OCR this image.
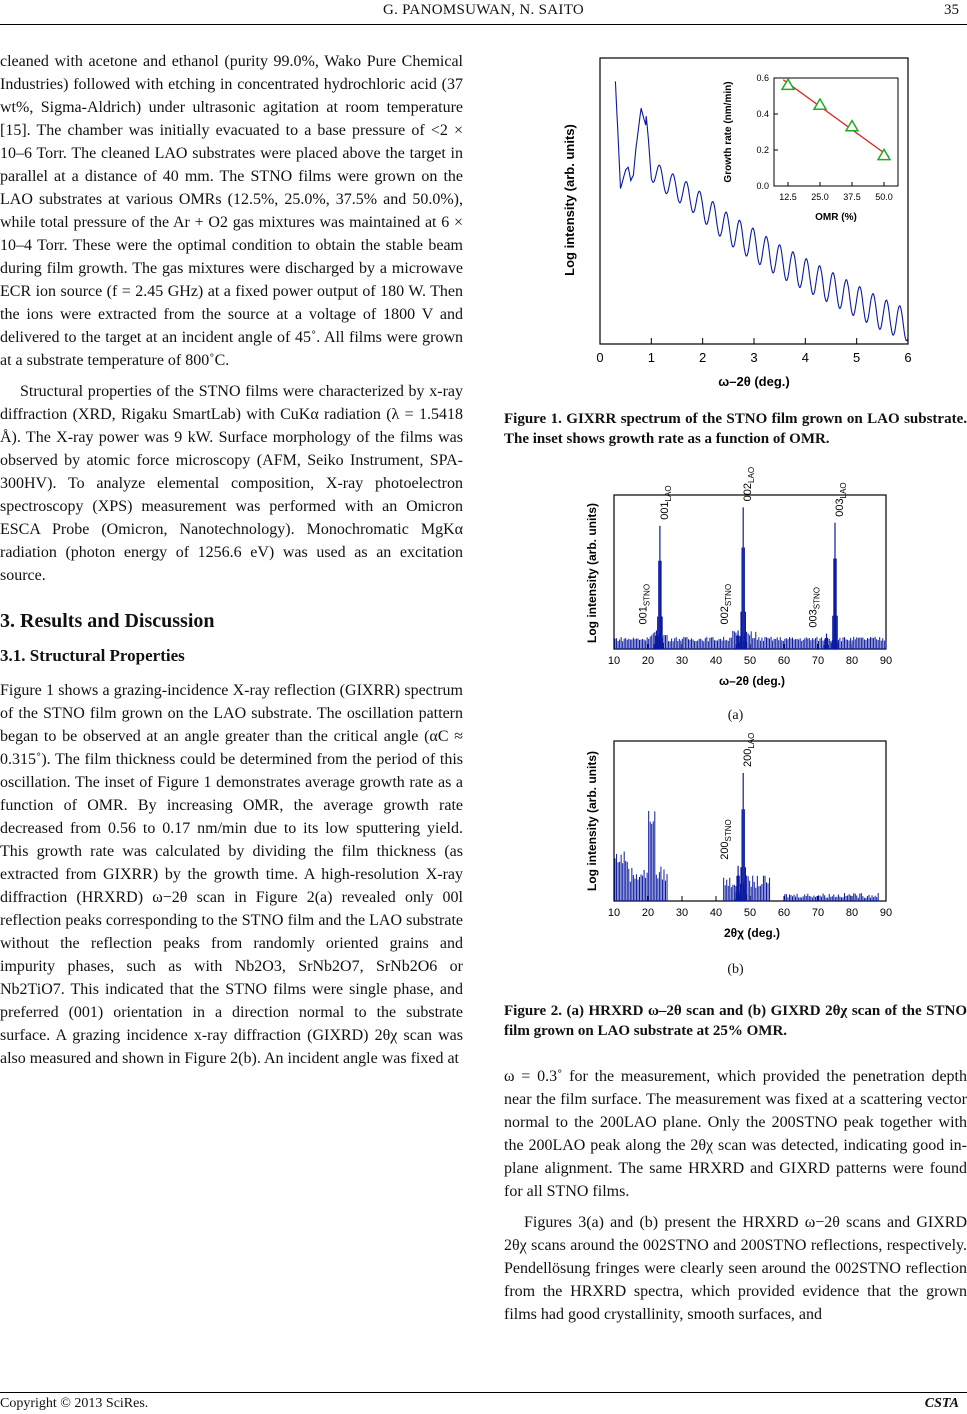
G. PANOMSUWAN, N. SAITO	35

cleaned with acetone and ethanol (purity 99.0%, Wako Pure Chemical Industries) followed with etching in concentrated hydrochloric acid (37 wt%, Sigma-Aldrich) under ultrasonic agitation at room temperature [15]. The chamber was initially evacuated to a base pressure of <2 × 10–6 Torr. The cleaned LAO substrates were placed above the target in parallel at a distance of 40 mm. The STNO films were grown on the LAO substrates at various OMRs (12.5%, 25.0%, 37.5% and 50.0%), while total pressure of the Ar + O2 gas mixtures was maintained at 6 × 10–4 Torr. These were the optimal condition to obtain the stable beam during film growth. The gas mixtures were discharged by a microwave ECR ion source (f = 2.45 GHz) at a fixed power output of 180 W. Then the ions were extracted from the source at a voltage of 1800 V and delivered to the target at an incident angle of 45˚. All films were grown at a substrate temperature of 800˚C.

Structural properties of the STNO films were characterized by x-ray diffraction (XRD, Rigaku SmartLab) with CuKα radiation (λ = 1.5418 Å). The X-ray power was 9 kW. Surface morphology of the films was observed by atomic force microscopy (AFM, Seiko Instrument, SPA-300HV). To analyze elemental composition, X-ray photoelectron spectroscopy (XPS) measurement was performed with an Omicron ESCA Probe (Omicron, Nanotechnology). Monochromatic MgKα radiation (photon energy of 1256.6 eV) was used as an excitation source.

3. Results and Discussion
3.1. Structural Properties

Figure 1 shows a grazing-incidence X-ray reflection (GIXRR) spectrum of the STNO film grown on the LAO substrate. The oscillation pattern began to be observed at an angle greater than the critical angle (αC ≈ 0.315˚). The film thickness could be determined from the period of this oscillation. The inset of Figure 1 demonstrates average growth rate as a function of OMR. By increasing OMR, the average growth rate decreased from 0.56 to 0.17 nm/min due to its low sputtering yield. This growth rate was calculated by dividing the film thickness (as extracted from GIXRR) by the growth time. A high-resolution X-ray diffraction (HRXRD) ω−2θ scan in Figure 2(a) revealed only 00l reflection peaks corresponding to the STNO film and the LAO substrate without the reflection peaks from randomly oriented grains and impurity phases, such as with Nb2O3, SrNb2O7, SrNb2O6 or Nb2TiO7. This indicated that the STNO films were single phase, and preferred (001) orientation in a direction normal to the substrate surface. A grazing incidence x-ray diffraction (GIXRD) 2θχ scan was also measured and shown in Figure 2(b). An incident angle was fixed at

Log intensity (arb. units)
0	1	2	3	4	5	6
ω–2θ (deg.)
Growth rate (nm/min)
0.0
0.2
0.4
0.6
12.5 25.0 37.5 50.0
OMR (%)

Figure 1. GIXRR spectrum of the STNO film grown on LAO substrate. The inset shows growth rate as a function of OMR.

Log intensity (arb. units)
10 20 30 40 50 60 70 80 90
$001_{STNO}$
$001_{LAO}$
$002_{STNO}$
$002_{LAO}$
$003_{STNO}$
$003_{LAO}$
ω–2θ (deg.)
(a)
Log intensity (arb. units)
10 20 30 40 50 60 70 80 90
$200_{STNO}$
$200_{LAO}$
2θχ (deg.)
(b)

Figure 2. (a) HRXRD ω–2θ scan and (b) GIXRD 2θχ scan of the STNO film grown on LAO substrate at 25% OMR.

ω = 0.3˚ for the measurement, which provided the penetration depth near the film surface. The measurement was fixed at a scattering vector normal to the 200LAO plane. Only the 200STNO peak together with the 200LAO peak along the 2θχ scan was detected, indicating good in-plane alignment. The same HRXRD and GIXRD patterns were found for all STNO films.

Figures 3(a) and (b) present the HRXRD ω−2θ scans and GIXRD 2θχ scans around the 002STNO and 200STNO reflections, respectively. Pendellösung fringes were clearly seen around the 002STNO reflection from the HRXRD spectra, which provided evidence that the grown films had good crystallinity, smooth surfaces, and

Copyright © 2013 SciRes.	CSTA
